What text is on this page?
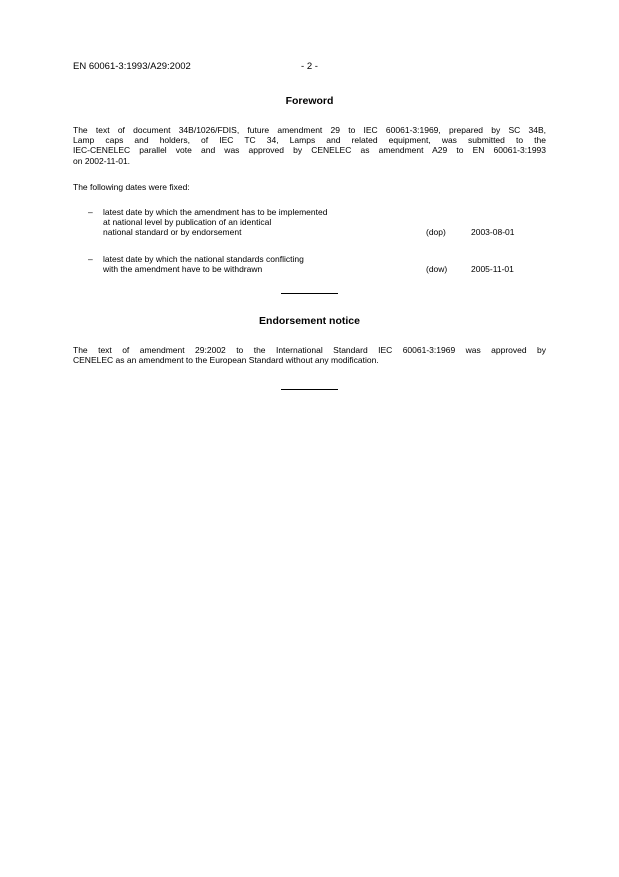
EN 60061-3:1993/A29:2002	- 2 -
Foreword
The text of document 34B/1026/FDIS, future amendment 29 to IEC 60061-3:1969, prepared by SC 34B,
Lamp caps and holders, of IEC TC 34, Lamps and related equipment, was submitted to the
IEC-CENELEC parallel vote and was approved by CENELEC as amendment A29 to EN 60061-3:1993
on 2002-11-01.
The following dates were fixed:
– latest date by which the amendment has to be implemented
at national level by publication of an identical
national standard or by endorsement	(dop)	2003-08-01
– latest date by which the national standards conflicting
with the amendment have to be withdrawn	(dow)	2005-11-01
Endorsement notice
The text of amendment 29:2002 to the International Standard IEC 60061-3:1969 was approved by
CENELEC as an amendment to the European Standard without any modification.
